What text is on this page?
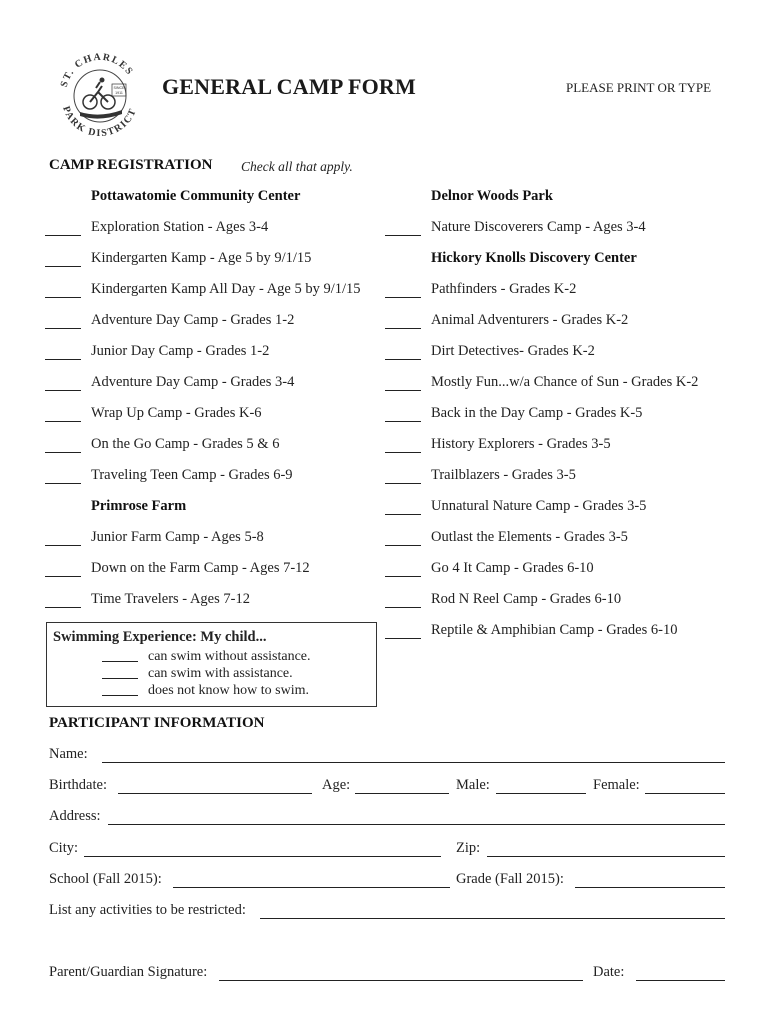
ST. CHARLES
PARK DISTRICT
SINCE
1911 GENERAL CAMP FORM	PLEASE PRINT OR TYPE
CAMP REGISTRATION Check all that apply.
Pottawatomie Community Center
Exploration Station - Ages 3-4
Kindergarten Kamp - Age 5 by 9/1/15
Kindergarten Kamp All Day - Age 5 by 9/1/15
Adventure Day Camp - Grades 1-2
Junior Day Camp - Grades 1-2
Adventure Day Camp - Grades 3-4
Wrap Up Camp - Grades K-6
On the Go Camp - Grades 5 & 6
Traveling Teen Camp - Grades 6-9
Primrose Farm
Junior Farm Camp - Ages 5-8
Down on the Farm Camp - Ages 7-12
Time Travelers - Ages 7-12
Delnor Woods Park
Nature Discoverers Camp - Ages 3-4
Hickory Knolls Discovery Center
Pathfinders - Grades K-2
Animal Adventurers - Grades K-2
Dirt Detectives- Grades K-2
Mostly Fun...w/a Chance of Sun - Grades K-2
Back in the Day Camp - Grades K-5
History Explorers - Grades 3-5
Trailblazers - Grades 3-5
Unnatural Nature Camp - Grades 3-5
Outlast the Elements - Grades 3-5
Go 4 It Camp - Grades 6-10
Rod N Reel Camp - Grades 6-10
Reptile & Amphibian Camp - Grades 6-10
Swimming Experience: My child...
can swim without assistance.
can swim with assistance.
does not know how to swim.
PARTICIPANT INFORMATION
Name:
Birthdate:	Age:	Male:	Female:
Address:
City:	Zip:
School (Fall 2015):	Grade (Fall 2015):
List any activities to be restricted:
Parent/Guardian Signature:	Date:
